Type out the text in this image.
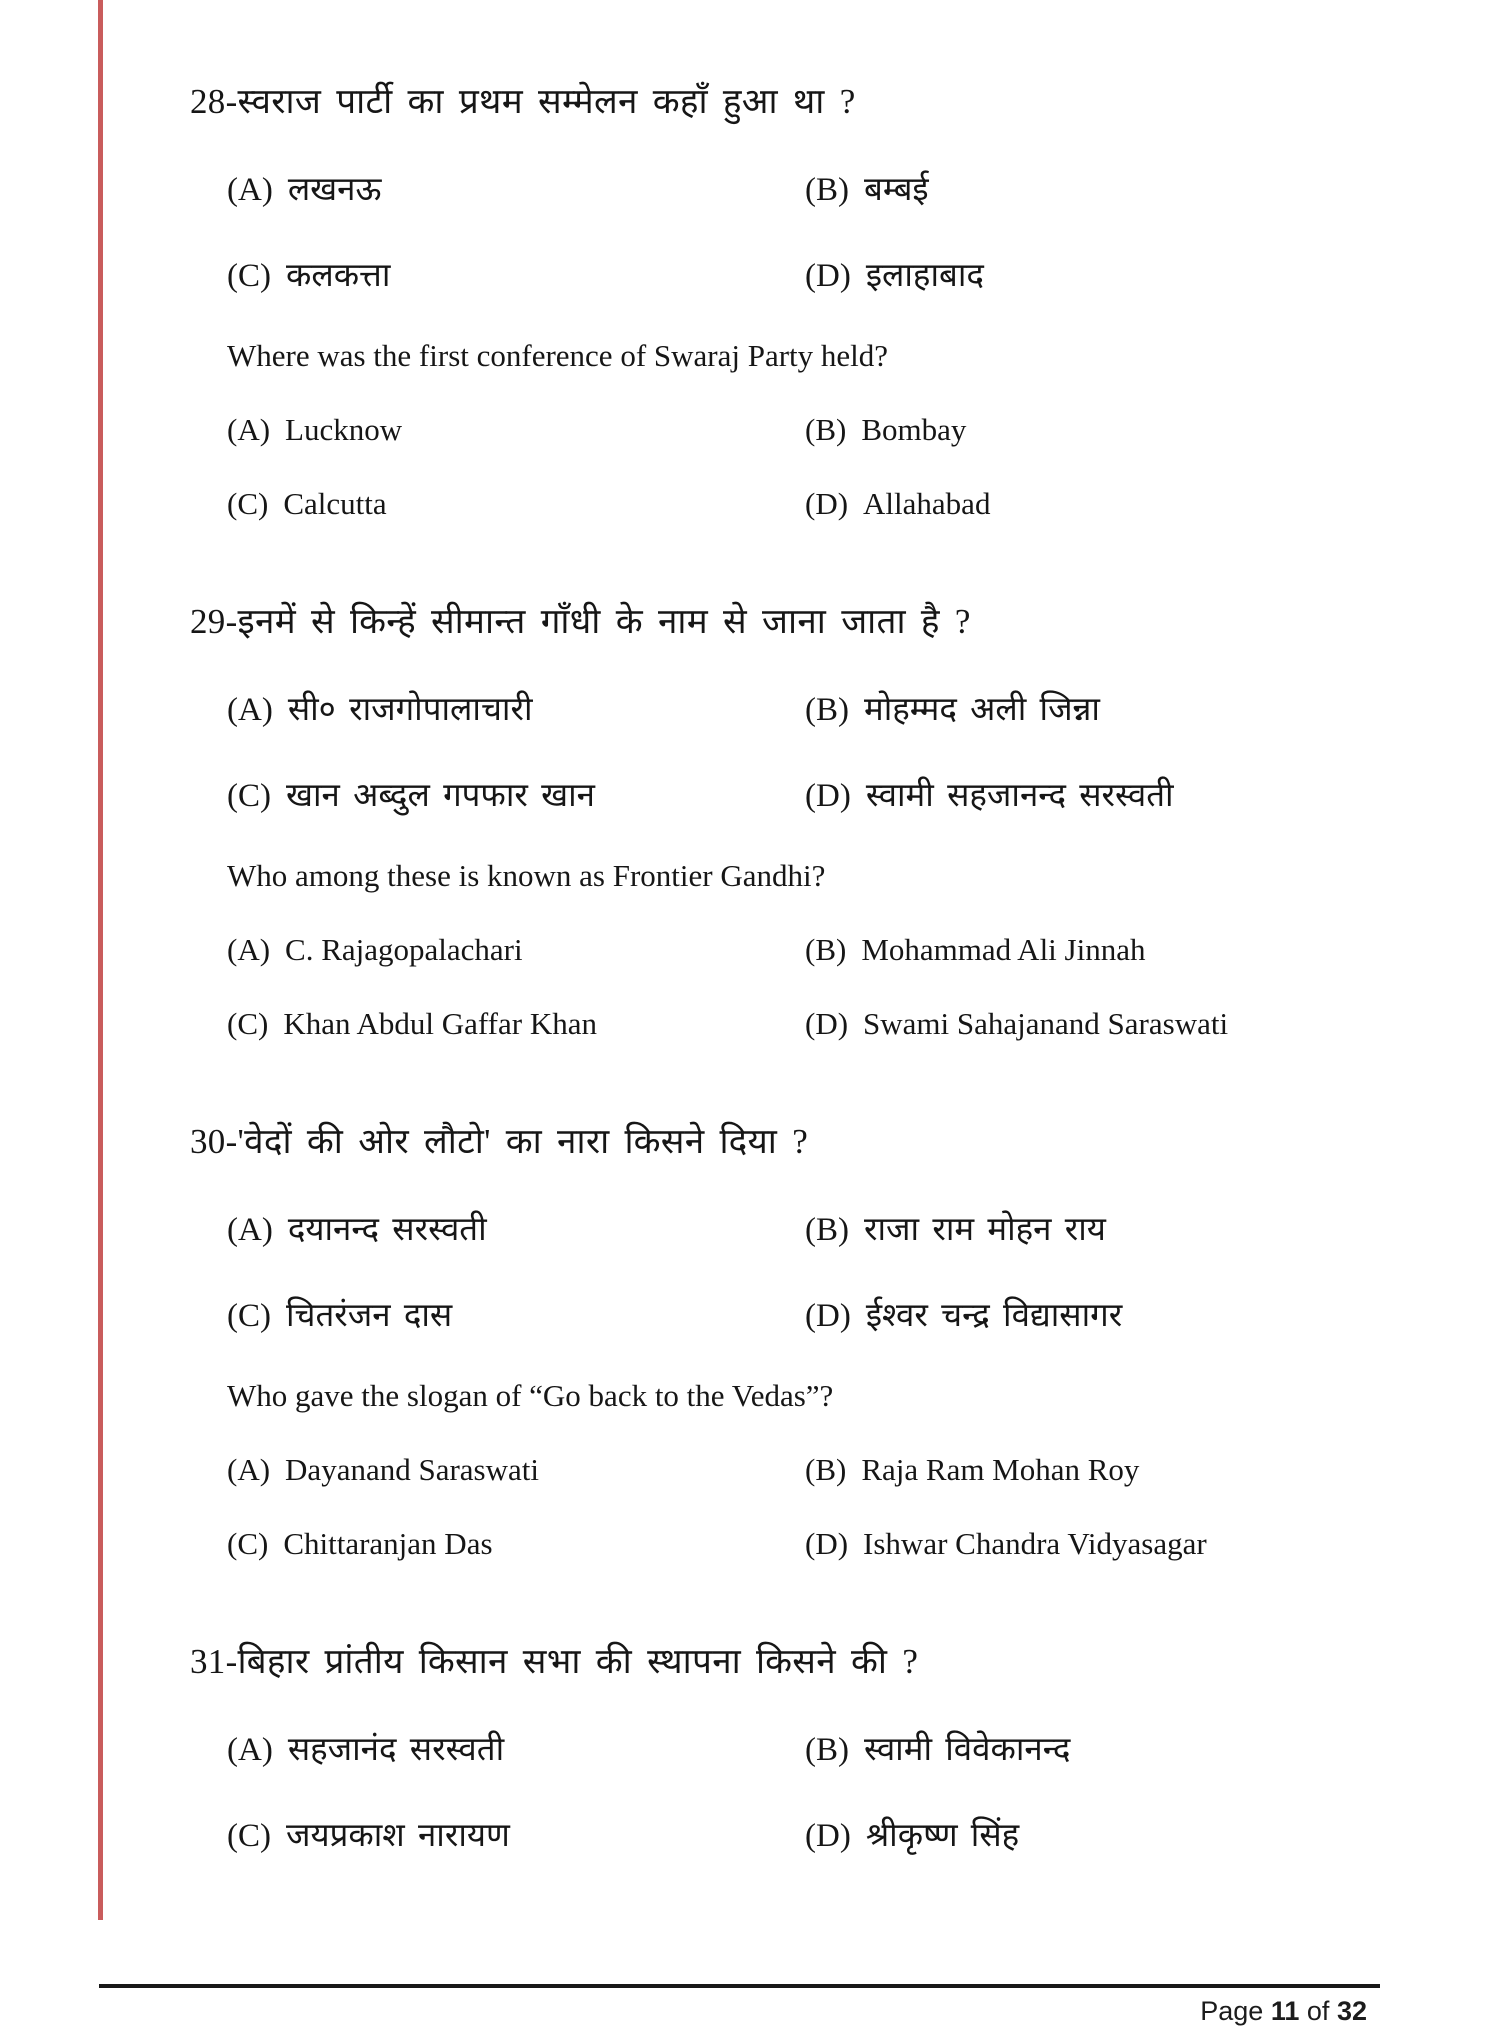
28-स्वराज पार्टी का प्रथम सम्मेलन कहाँ हुआ था ?
(A) लखनऊ	(B) बम्बई
(C) कलकत्ता	(D) इलाहाबाद
Where was the first conference of Swaraj Party held?
(A) Lucknow	(B) Bombay
(C) Calcutta	(D) Allahabad
29-इनमें से किन्हें सीमान्त गाँधी के नाम से जाना जाता है ?
(A) सी० राजगोपालाचारी	(B) मोहम्मद अली जिन्ना
(C) खान अब्दुल गपफार खान	(D) स्वामी सहजानन्द सरस्वती
Who among these is known as Frontier Gandhi?
(A) C. Rajagopalachari	(B) Mohammad Ali Jinnah
(C) Khan Abdul Gaffar Khan	(D) Swami Sahajanand Saraswati
30-'वेदों की ओर लौटो' का नारा किसने दिया ?
(A) दयानन्द सरस्वती	(B) राजा राम मोहन राय
(C) चितरंजन दास	(D) ईश्वर चन्द्र विद्यासागर
Who gave the slogan of “Go back to the Vedas”?
(A) Dayanand Saraswati	(B) Raja Ram Mohan Roy
(C) Chittaranjan Das	(D) Ishwar Chandra Vidyasagar
31-बिहार प्रांतीय किसान सभा की स्थापना किसने की ?
(A) सहजानंद सरस्वती	(B) स्वामी विवेकानन्द
(C) जयप्रकाश नारायण	(D) श्रीकृष्ण सिंह
Page 11 of 32
